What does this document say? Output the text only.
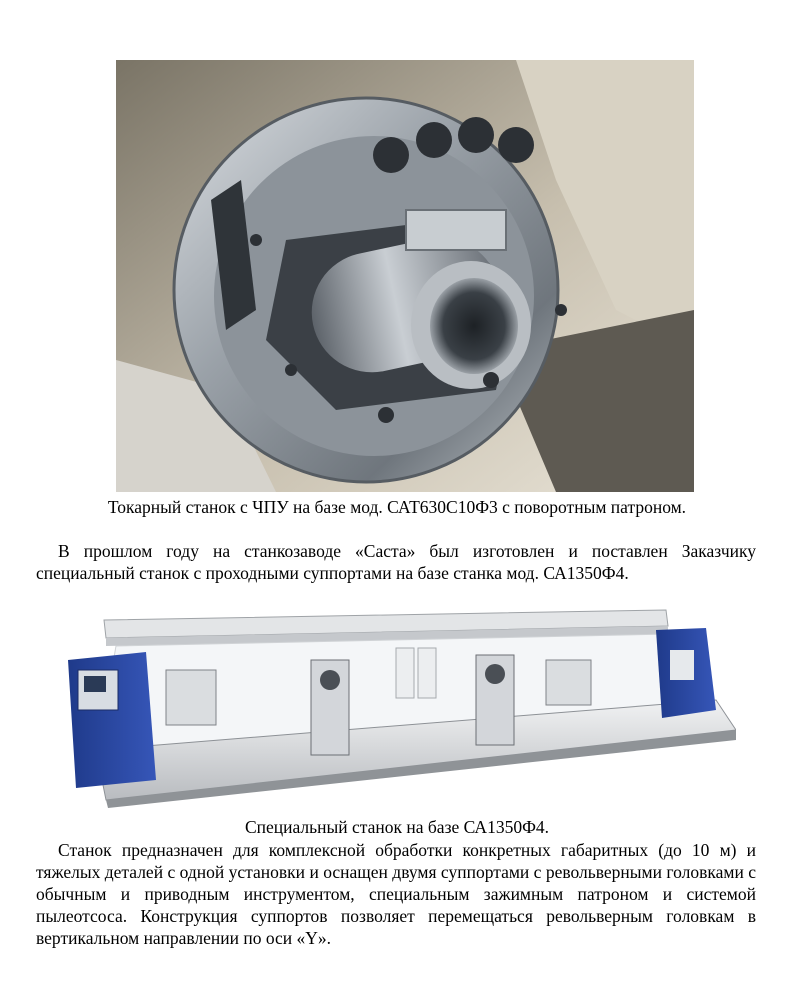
Токарный станок с ЧПУ на базе мод. САТ630С10Ф3 с поворотным патроном.

В прошлом году на станкозаводе «Саста» был изготовлен и поставлен Заказчику специальный станок с проходными суппортами на базе станка мод. СА1350Ф4.

Специальный станок на базе СА1350Ф4.

Станок предназначен для комплексной обработки конкретных габаритных (до 10 м) и тяжелых деталей с одной установки и оснащен двумя суппортами с револьверными головками с обычным и приводным инструментом, специальным зажимным патроном и системой пылеотсоса. Конструкция суппортов позволяет перемещаться револьверным головкам в вертикальном направлении по оси «Y».
